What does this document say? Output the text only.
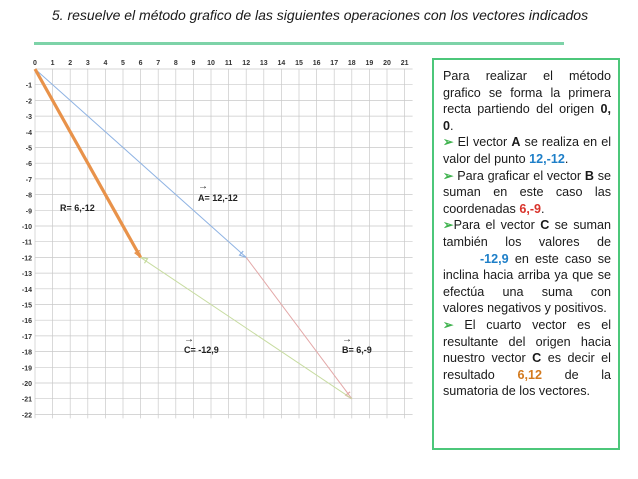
5. resuelve el método grafico de las siguientes operaciones con los vectores indicados
0 1 2 3 4 5 6 7 8 9 10 11 12 13 14 15 16 17 18 19 20 21
-1
-2
-3
-4
-5
-6
-7
-8
-9
-10
-11
-12
-13
-14
-15
-16
-17
-18
-19
-20
-21
-22
A= 12,-12
→
B= 6,-9
→
C= -12,9
→
R= 6,-12

Para realizar el método grafico se forma la primera recta partiendo del origen 0, 0.

➢ El vector A se realiza en el valor del punto 12,-12.

➢ Para graficar el vector B se suman en este caso las coordenadas 6,-9.

➢Para el vector C se suman también los valores de       -12,9 en este caso se inclina hacia arriba ya que se efectúa una suma con valores negativos y positivos.

➢ El cuarto vector es el resultante del origen hacia nuestro vector C es decir el resultado 6,12 de la sumatoria de los vectores.
